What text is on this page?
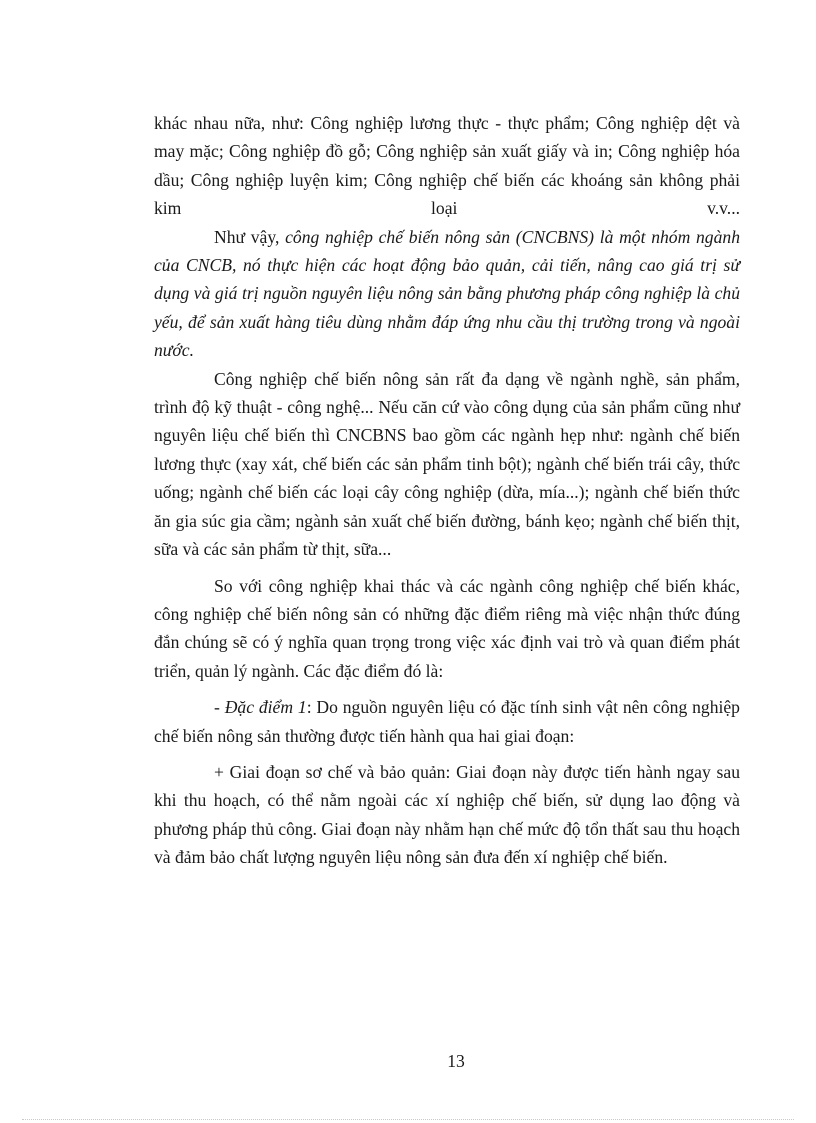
khác nhau nữa, như: Công nghiệp lương thực - thực phẩm; Công nghiệp dệt và may mặc; Công nghiệp đồ gỗ; Công nghiệp sản xuất giấy và in; Công nghiệp hóa dầu; Công nghiệp luyện kim; Công nghiệp chế biến các khoáng sản không phải kim loại v.v...

Như vậy, công nghiệp chế biến nông sản (CNCBNS) là một nhóm ngành của CNCB, nó thực hiện các hoạt động bảo quản, cải tiến, nâng cao giá trị sử dụng và giá trị nguồn nguyên liệu nông sản bằng phương pháp công nghiệp là chủ yếu, để sản xuất hàng tiêu dùng nhằm đáp ứng nhu cầu thị trường trong và ngoài nước.

Công nghiệp chế biến nông sản rất đa dạng về ngành nghề, sản phẩm, trình độ kỹ thuật - công nghệ... Nếu căn cứ vào công dụng của sản phẩm cũng như nguyên liệu chế biến thì CNCBNS bao gồm các ngành hẹp như: ngành chế biến lương thực (xay xát, chế biến các sản phẩm tinh bột); ngành chế biến trái cây, thức uống; ngành chế biến các loại cây công nghiệp (dừa, mía...); ngành chế biến thức ăn gia súc gia cầm; ngành sản xuất chế biến đường, bánh kẹo; ngành chế biến thịt, sữa và các sản phẩm từ thịt, sữa...

So với công nghiệp khai thác và các ngành công nghiệp chế biến khác, công nghiệp chế biến nông sản có những đặc điểm riêng mà việc nhận thức đúng đắn chúng sẽ có ý nghĩa quan trọng trong việc xác định vai trò và quan điểm phát triển, quản lý ngành. Các đặc điểm đó là:

- Đặc điểm 1: Do nguồn nguyên liệu có đặc tính sinh vật nên công nghiệp chế biến nông sản thường được tiến hành qua hai giai đoạn:

+ Giai đoạn sơ chế và bảo quản: Giai đoạn này được tiến hành ngay sau khi thu hoạch, có thể nằm ngoài các xí nghiệp chế biến, sử dụng lao động và phương pháp thủ công. Giai đoạn này nhằm hạn chế mức độ tổn thất sau thu hoạch và đảm bảo chất lượng nguyên liệu nông sản đưa đến xí nghiệp chế biến.

13
